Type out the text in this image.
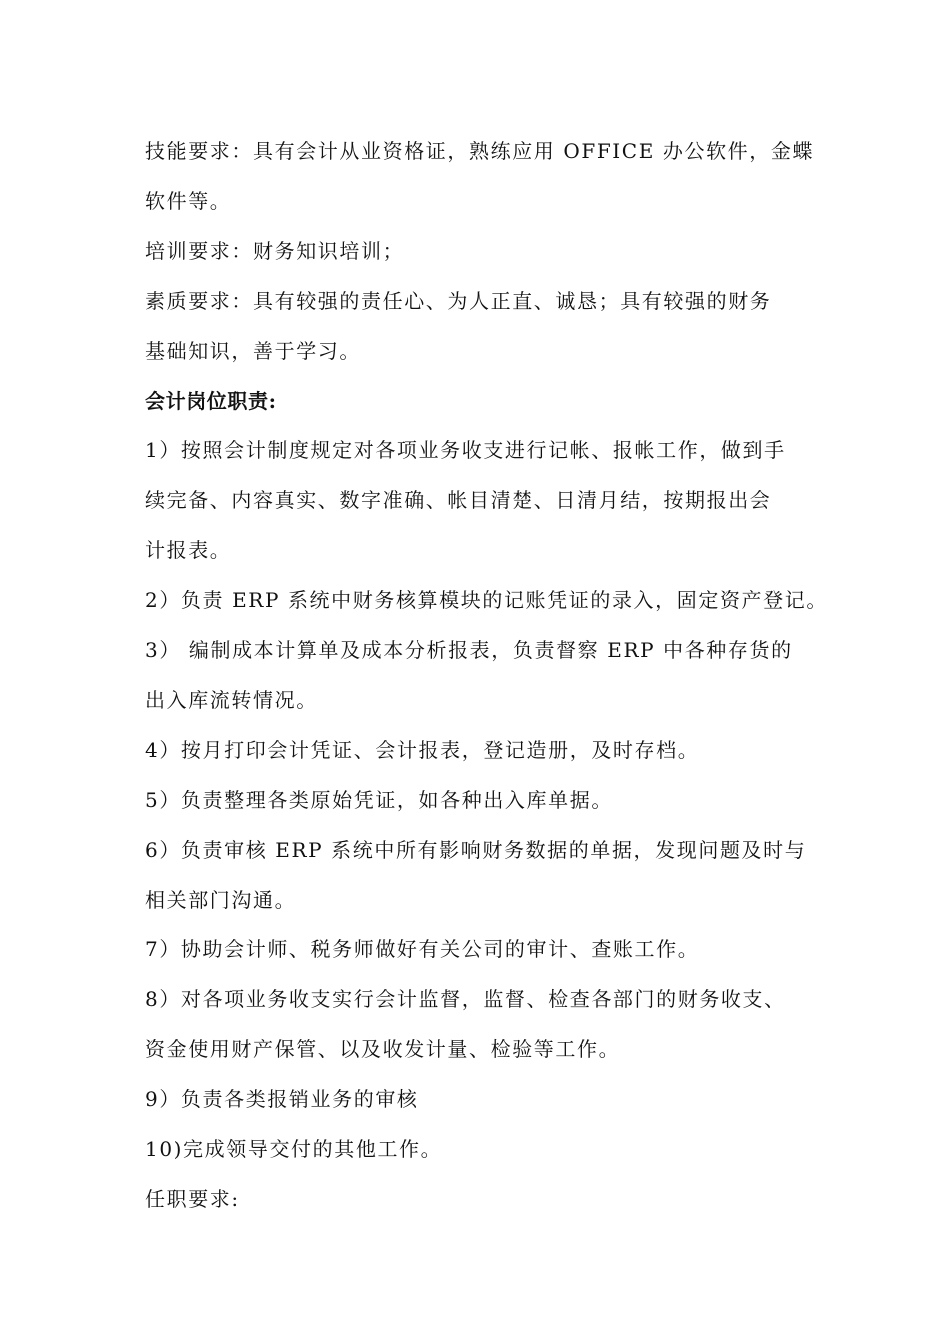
技能要求：具有会计从业资格证，熟练应用 OFFICE 办公软件，金蝶
软件等。
培训要求：财务知识培训；
素质要求：具有较强的责任心、为人正直、诚恳；具有较强的财务
基础知识，善于学习。
会计岗位职责:
1）按照会计制度规定对各项业务收支进行记帐、报帐工作，做到手
续完备、内容真实、数字准确、帐目清楚、日清月结，按期报出会
计报表。
2）负责 ERP 系统中财务核算模块的记账凭证的录入，固定资产登记。
3） 编制成本计算单及成本分析报表，负责督察 ERP 中各种存货的
出入库流转情况。
4）按月打印会计凭证、会计报表，登记造册，及时存档。
5）负责整理各类原始凭证，如各种出入库单据。
6）负责审核 ERP 系统中所有影响财务数据的单据，发现问题及时与
相关部门沟通。
7）协助会计师、税务师做好有关公司的审计、查账工作。
8）对各项业务收支实行会计监督，监督、检查各部门的财务收支、
资金使用财产保管、以及收发计量、检验等工作。
9）负责各类报销业务的审核
10)完成领导交付的其他工作。
任职要求:
